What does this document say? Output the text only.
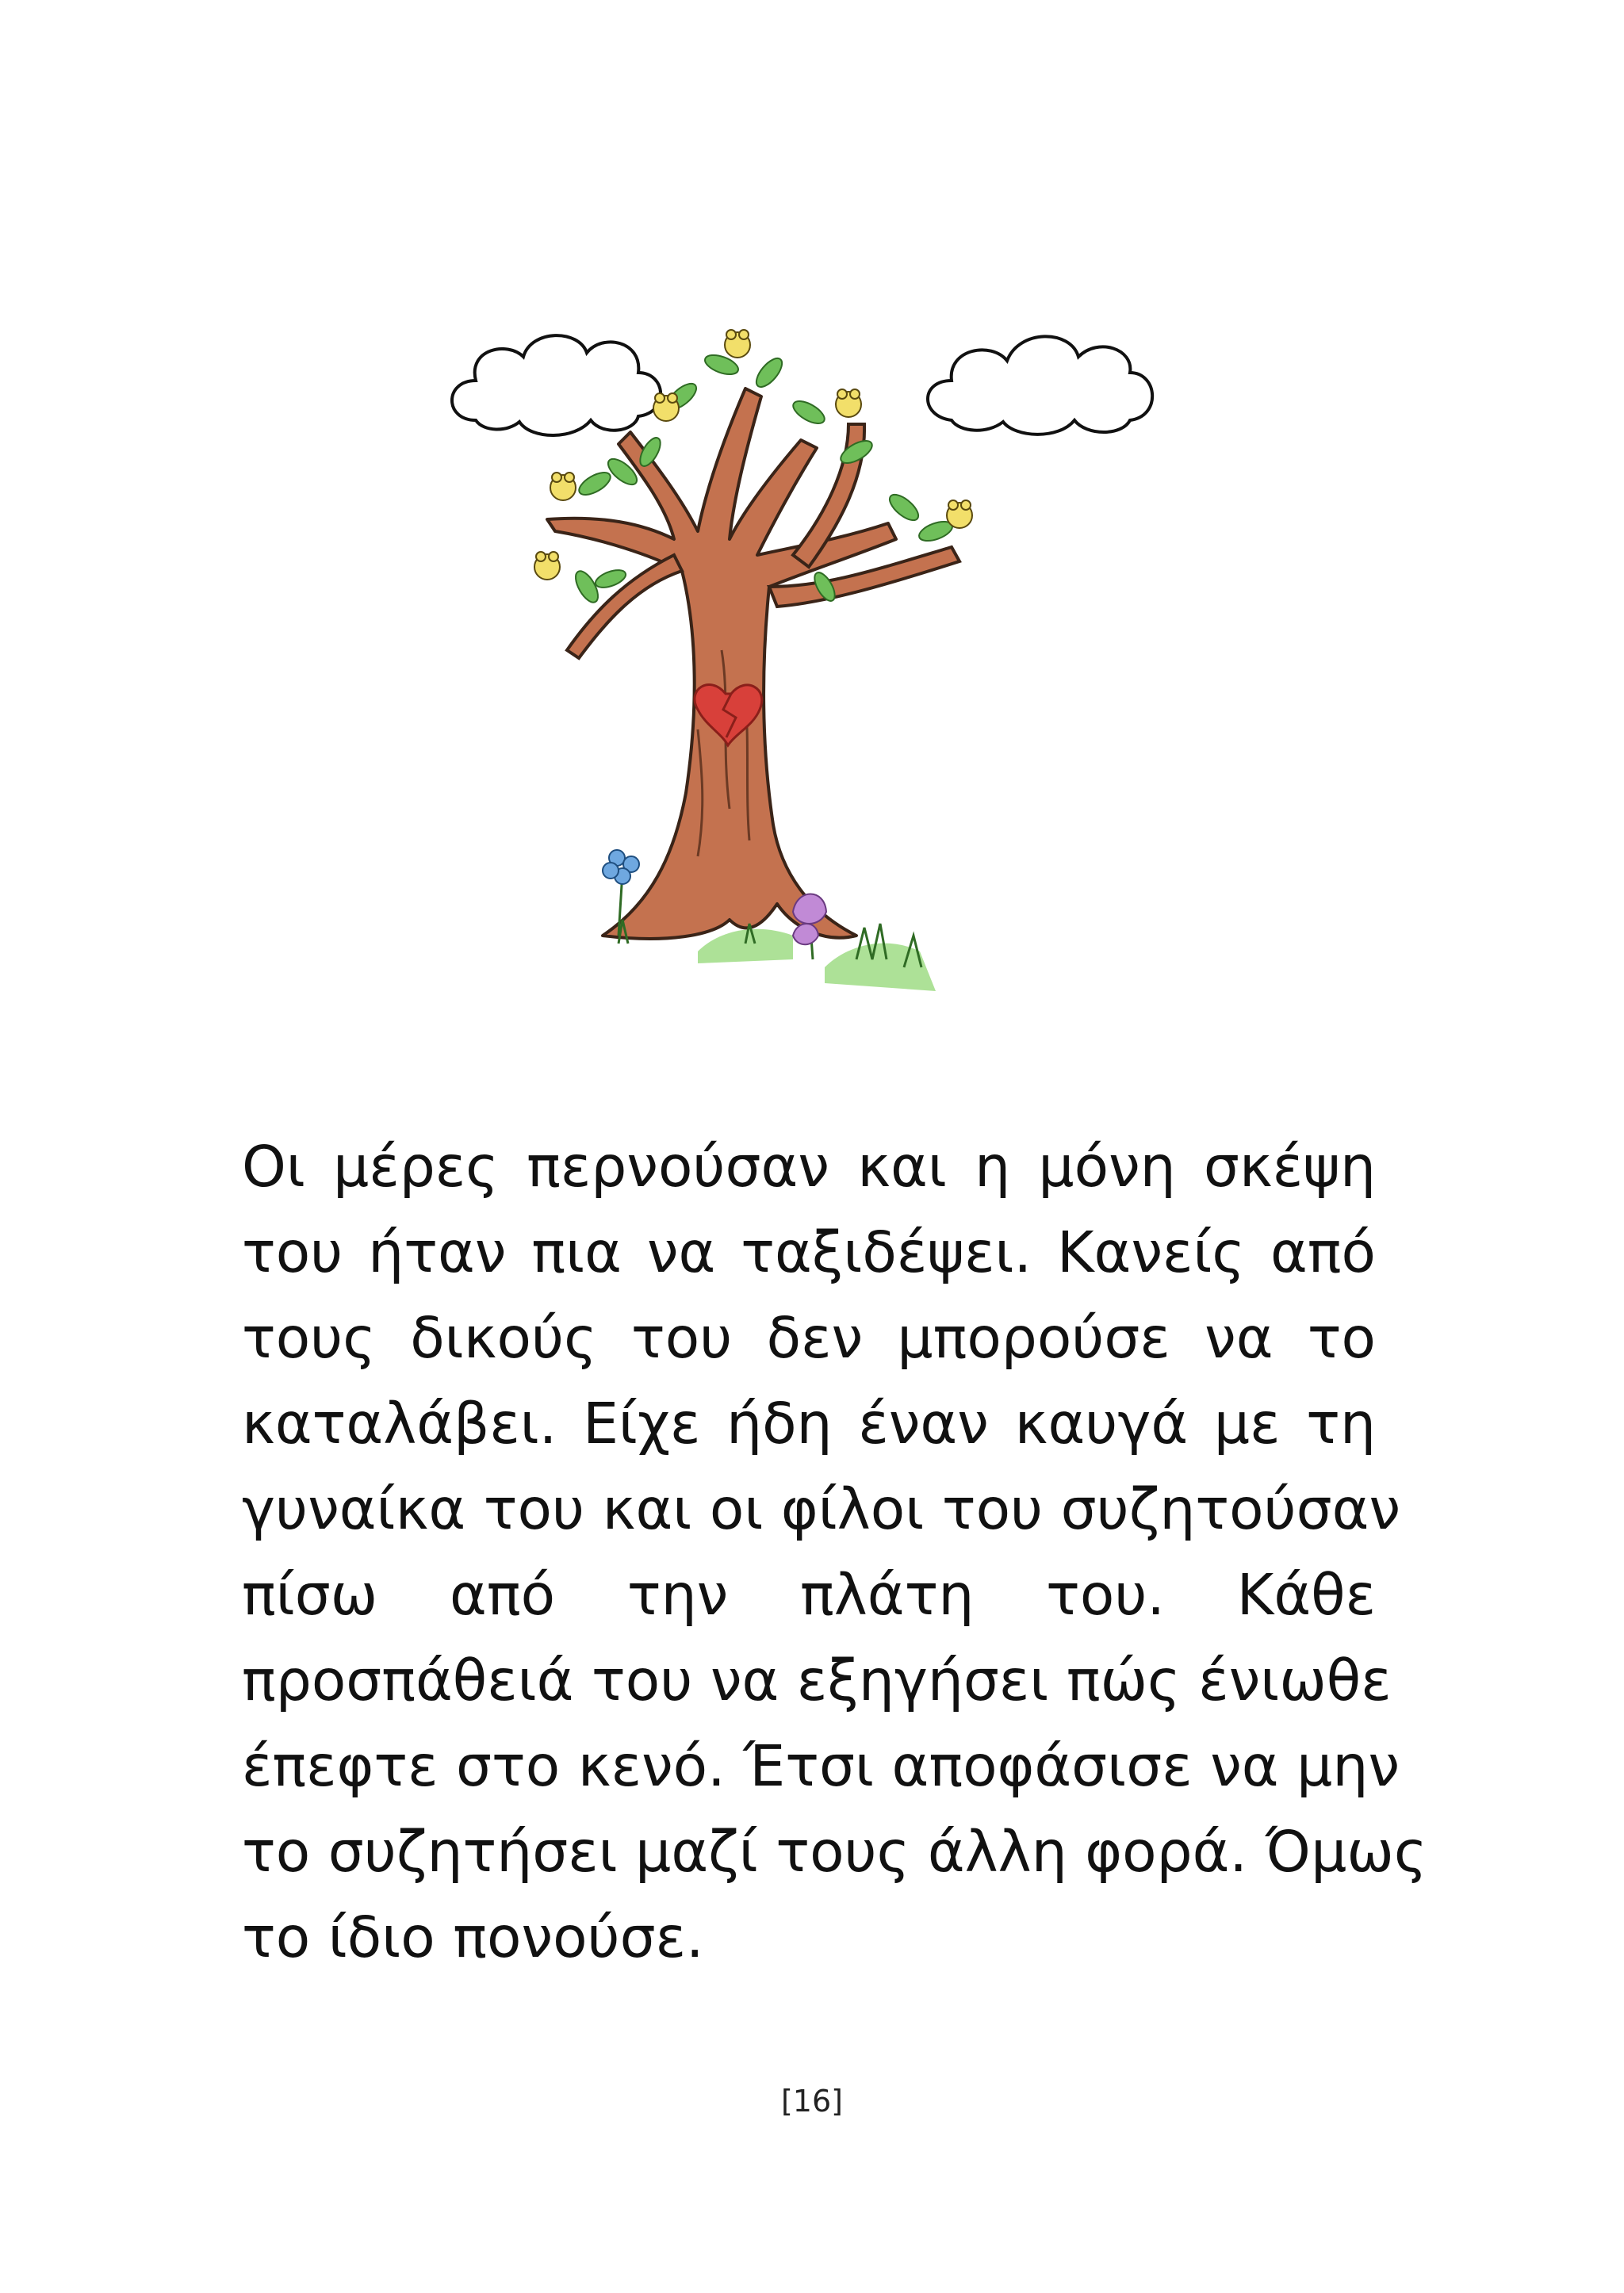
Οι μέρες περνούσαν και η μόνη σκέψη
του ήταν πια να ταξιδέψει. Κανείς από
τους δικούς του δεν μπορούσε να το
καταλάβει. Είχε ήδη έναν καυγά με τη
γυναίκα του και οι φίλοι του συζητούσαν
πίσω από την πλάτη του. Κάθε
προσπάθειά του να εξηγήσει πώς ένιωθε
έπεφτε στο κενό. Έτσι αποφάσισε να μην
το συζητήσει μαζί τους άλλη φορά. Όμως
το ίδιο πονούσε.

[16]
